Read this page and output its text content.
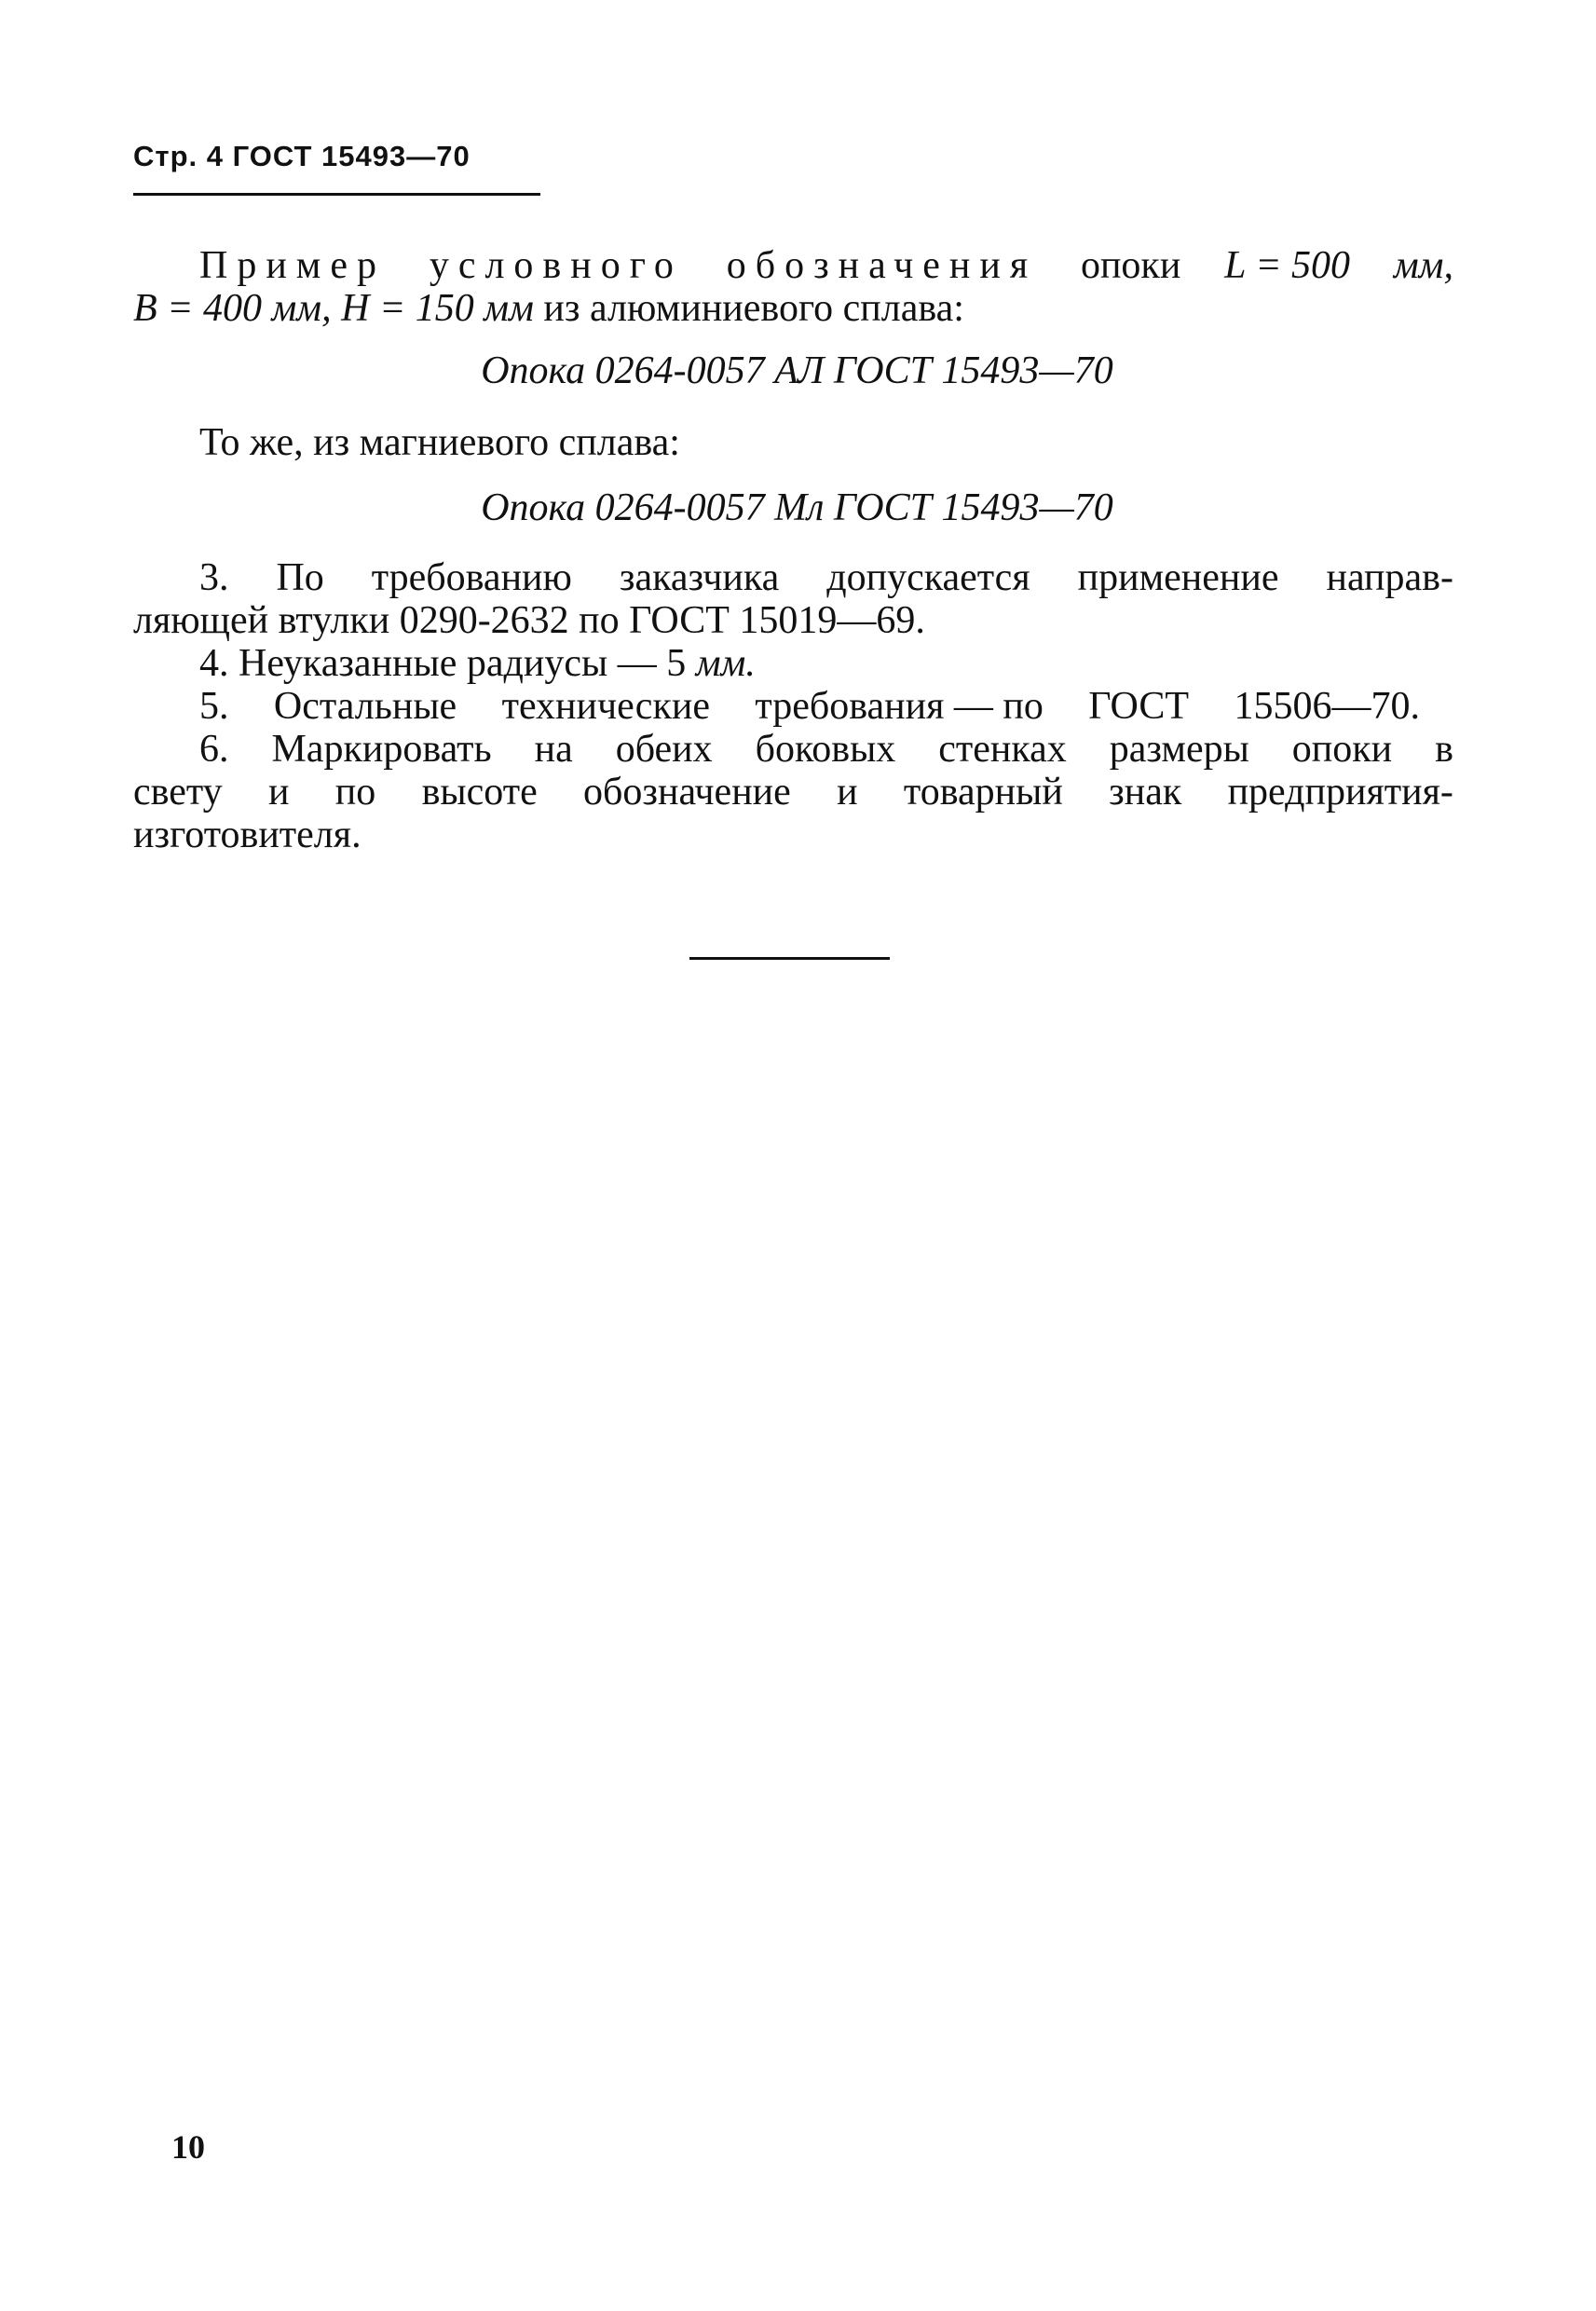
Стр. 4 ГОСТ 15493—70
Пример условного обозначения опоки L = 500 мм,
B = 400 мм, H = 150 мм из алюминиевого сплава:
Опока 0264-0057 АЛ ГОСТ 15493—70
То же, из магниевого сплава:
Опока 0264-0057 Мл ГОСТ 15493—70
3. По требованию заказчика допускается применение направ-
ляющей втулки 0290-2632 по ГОСТ 15019—69.
4. Неуказанные радиусы — 5 мм.
5. Остальные технические требования — по ГОСТ 15506—70.
6. Маркировать на обеих боковых стенках размеры опоки в
свету и по высоте обозначение и товарный знак предприятия-
изготовителя.
10
